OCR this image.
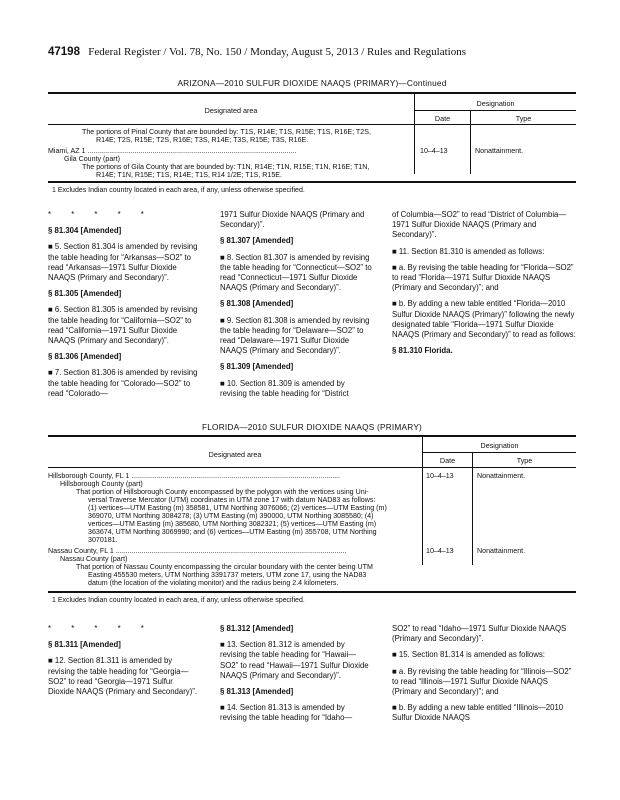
47198 Federal Register / Vol. 78, No. 150 / Monday, August 5, 2013 / Rules and Regulations
ARIZONA—2010 SULFUR DIOXIDE NAAQS (PRIMARY)—Continued
Designated area
Designation
Date	Type
The portions of Pinal County that are bounded by: T1S, R14E; T1S, R15E; T1S, R16E; T2S,
R14E; T2S, R15E; T2S, R16E; T3S, R14E; T3S, R15E; T3S, R16E.
Miami, AZ 1 ..........................................................................................................	10–4–13	Nonattainment.
Gila County (part)
The portions of Gila County that are bounded by: T1N, R14E; T1N, R15E; T1N, R16E; T1N,
R14E; T1N, R15E; T1S, R14E; T1S, R14 1/2E; T1S, R15E.
1 Excludes Indian country located in each area, if any, unless otherwise specified.

* * * * *

§ 81.304 [Amended]

■ 5. Section 81.304 is amended by revising the table heading for “Arkansas—SO2” to read “Arkansas—1971 Sulfur Dioxide NAAQS (Primary and Secondary)”.

§ 81.305 [Amended]

■ 6. Section 81.305 is amended by revising the table heading for “California—SO2” to read “California—1971 Sulfur Dioxide NAAQS (Primary and Secondary)”.

§ 81.306 [Amended]

■ 7. Section 81.306 is amended by revising the table heading for “Colorado—SO2” to read “Colorado—

1971 Sulfur Dioxide NAAQS (Primary and Secondary)”.

§ 81.307 [Amended]

■ 8. Section 81.307 is amended by revising the table heading for “Connecticut—SO2” to read “Connecticut—1971 Sulfur Dioxide NAAQS (Primary and Secondary)”.

§ 81.308 [Amended]

■ 9. Section 81.308 is amended by revising the table heading for “Delaware—SO2” to read “Delaware—1971 Sulfur Dioxide NAAQS (Primary and Secondary)”.

§ 81.309 [Amended]

■ 10. Section 81.309 is amended by revising the table heading for “District

of Columbia—SO2” to read “District of Columbia—1971 Sulfur Dioxide NAAQS (Primary and Secondary)”.

■ 11. Section 81.310 is amended as follows:

■ a. By revising the table heading for “Florida—SO2” to read “Florida—1971 Sulfur Dioxide NAAQS (Primary and Secondary)”; and

■ b. By adding a new table entitled “Florida—2010 Sulfur Dioxide NAAQS (Primary)” following the newly designated table “Florida—1971 Sulfur Dioxide NAAQS (Primary and Secondary)” to read as follows:

§ 81.310 Florida.

FLORIDA—2010 SULFUR DIOXIDE NAAQS (PRIMARY)
Designated area
Designation
Date	Type
Hillsborough County, FL 1 ..........................................................................................................	10–4–13	Nonattainment.
Hillsborough County (part)
That portion of Hillsborough County encompassed by the polygon with the vertices using Uni-
versal Traverse Mercator (UTM) coordinates in UTM zone 17 with datum NAD83 as follows:
(1) vertices—UTM Easting (m) 358581, UTM Northing 3076066; (2) vertices—UTM Easting (m)
369070, UTM Northing 3084278; (3) UTM Easting (m) 390000, UTM Northing 3085580; (4)
vertices—UTM Easting (m) 385680, UTM Northing 3082321; (5) vertices—UTM Easting (m)
363674, UTM Northing 3069990; and (6) vertices—UTM Easting (m) 355708, UTM Northing
3070181.
Nassau County, FL 1 .....................................................................................................................	10–4–13	Nonattainment.
Nassau County (part)
That portion of Nassau County encompassing the circular boundary with the center being UTM
Easting 455530 meters, UTM Northing 3391737 meters, UTM zone 17, using the NAD83
datum (the location of the violating monitor) and the radius being 2.4 kilometers.
1 Excludes Indian country located in each area, if any, unless otherwise specified.

* * * * *

§ 81.311 [Amended]

■ 12. Section 81.311 is amended by revising the table heading for “Georgia—SO2” to read “Georgia—1971 Sulfur Dioxide NAAQS (Primary and Secondary)”.

§ 81.312 [Amended]

■ 13. Section 81.312 is amended by revising the table heading for “Hawaii—SO2” to read “Hawaii—1971 Sulfur Dioxide NAAQS (Primary and Secondary)”.

§ 81.313 [Amended]

■ 14. Section 81.313 is amended by revising the table heading for “Idaho—

SO2” to read “Idaho—1971 Sulfur Dioxide NAAQS (Primary and Secondary)”.

■ 15. Section 81.314 is amended as follows:

■ a. By revising the table heading for “Illinois—SO2” to read “Illinois—1971 Sulfur Dioxide NAAQS (Primary and Secondary)”; and

■ b. By adding a new table entitled “Illinois—2010 Sulfur Dioxide NAAQS
